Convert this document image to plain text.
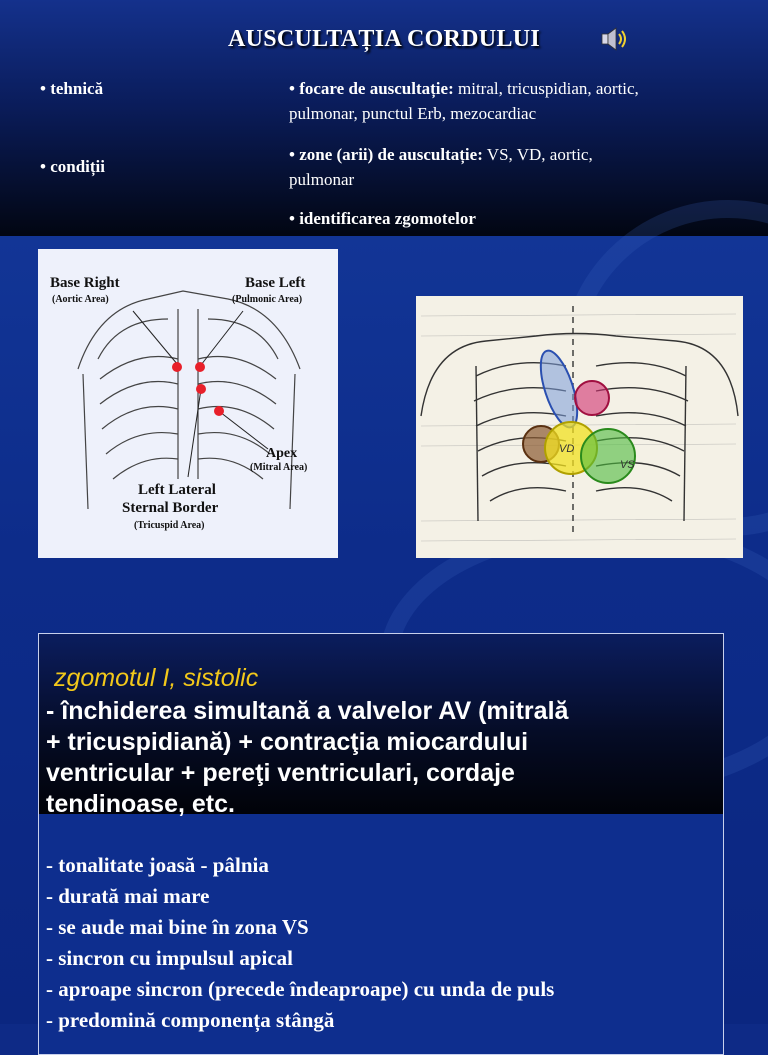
AUSCULTAȚIA CORDULUI
• tehnică
• condiții
• focare de auscultație: mitral, tricuspidian, aortic,
pulmonar, punctul Erb, mezocardiac
• zone (arii) de auscultație: VS, VD, aortic,
pulmonar
• identificarea zgomotelor
Base Right
(Aortic Area)
Base Left
(Pulmonic Area)
Apex
(Mitral Area)
Left Lateral
Sternal Border
(Tricuspid Area)
VD
VS
zgomotul I, sistolic
- închiderea simultană a valvelor AV (mitrală
+ tricuspidiană) + contracţia miocardului
ventricular + pereţi ventriculari, cordaje
tendinoase, etc.
- tonalitate joasă - pâlnia
- durată mai mare
- se aude mai bine în zona VS
- sincron cu impulsul apical
- aproape sincron (precede îndeaproape) cu unda de puls
- predomină componența stângă
